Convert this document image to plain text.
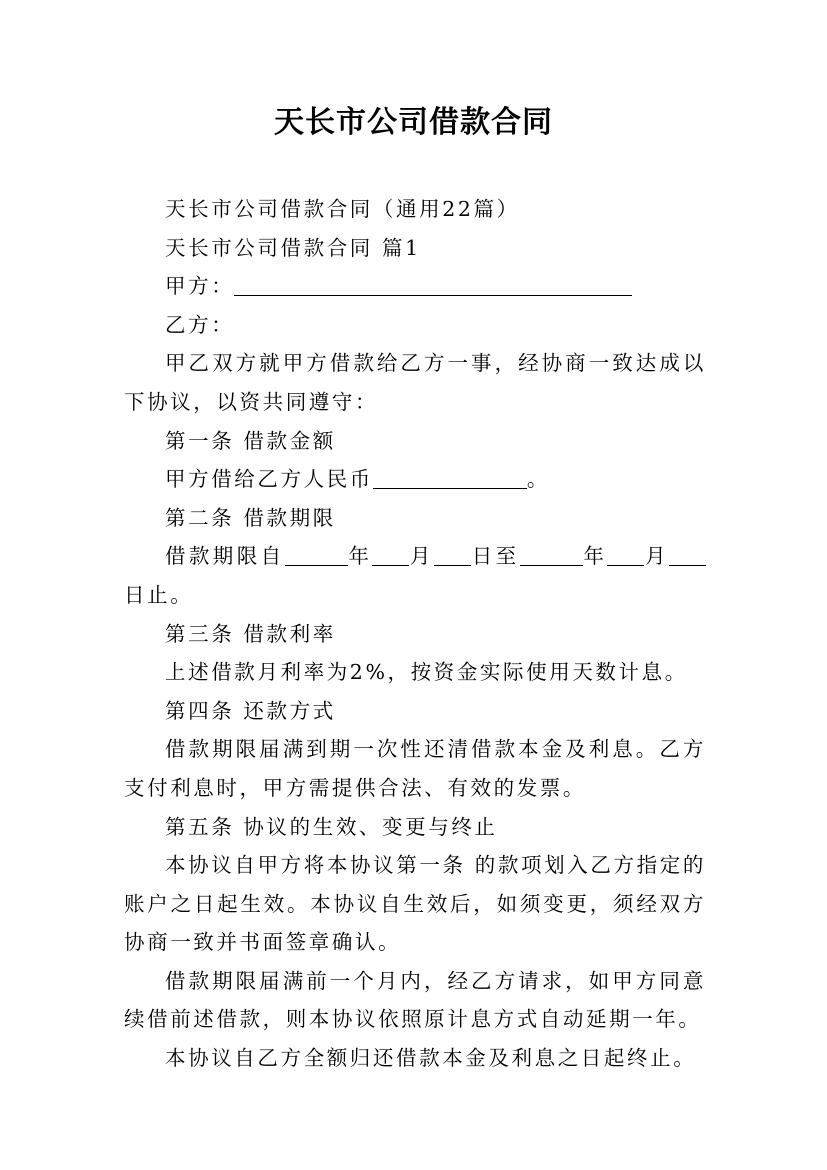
天长市公司借款合同

天长市公司借款合同（通用22篇）

天长市公司借款合同 篇1

甲方：

乙方：

甲乙双方就甲方借款给乙方一事，经协商一致达成以下协议，以资共同遵守：

第一条 借款金额

甲方借给乙方人民币	。

第二条 借款期限

借款期限自	年 月 日至	年 月日止。

第三条 借款利率

上述借款月利率为2%，按资金实际使用天数计息。

第四条 还款方式

借款期限届满到期一次性还清借款本金及利息。乙方支付利息时，甲方需提供合法、有效的发票。

第五条 协议的生效、变更与终止

本协议自甲方将本协议第一条 的款项划入乙方指定的账户之日起生效。本协议自生效后，如须变更，须经双方协商一致并书面签章确认。

借款期限届满前一个月内，经乙方请求，如甲方同意续借前述借款，则本协议依照原计息方式自动延期一年。

本协议自乙方全额归还借款本金及利息之日起终止。
